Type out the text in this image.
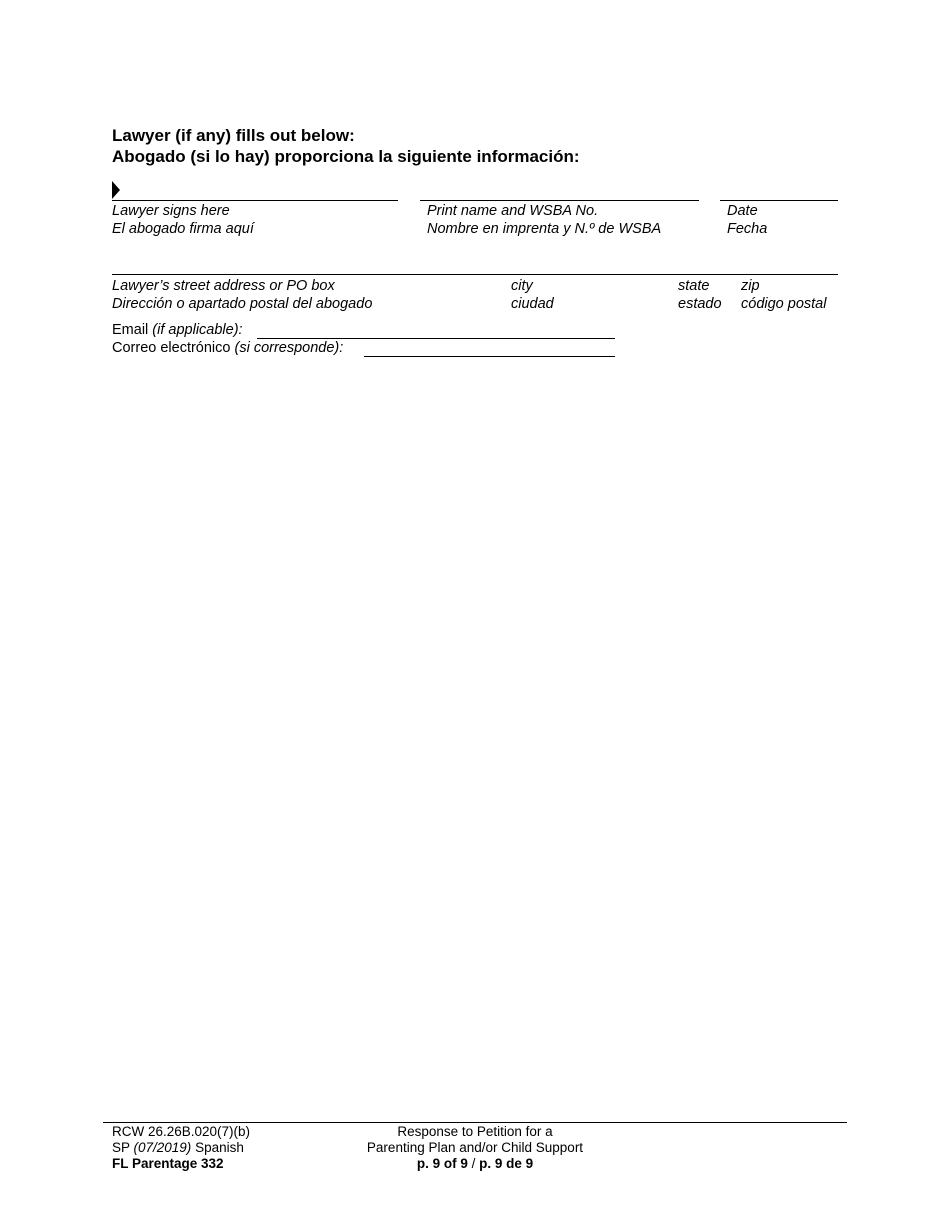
Lawyer (if any) fills out below:
Abogado (si lo hay) proporciona la siguiente información:
Lawyer signs here
El abogado firma aquí
Print name and WSBA No.
Nombre en imprenta y N.º de WSBA
Date
Fecha
Lawyer’s street address or PO box
Dirección o apartado postal del abogado
city
ciudad
state
estado
zip
código postal
Email (if applicable):
Correo electrónico (si corresponde):
RCW 26.26B.020(7)(b)
SP (07/2019) Spanish
FL Parentage 332
Response to Petition for a
Parenting Plan and/or Child Support
p. 9 of 9 / p. 9 de 9
